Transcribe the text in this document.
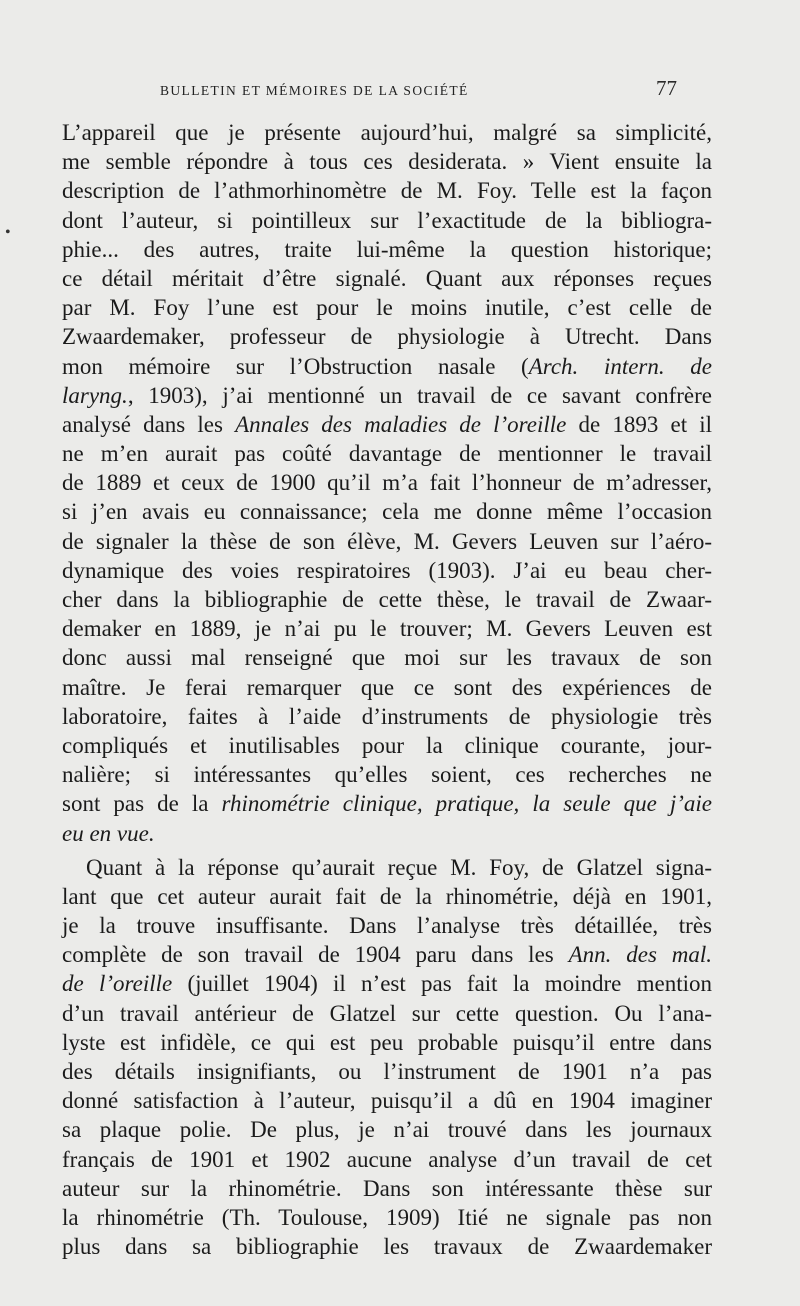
BULLETIN ET MÉMOIRES DE LA SOCIÉTÉ	77
•
L’appareil que je présente aujourd’hui, malgré sa simplicité,
me semble répondre à tous ces desiderata. » Vient ensuite la
description de l’athmorhinomètre de M. Foy. Telle est la façon
dont l’auteur, si pointilleux sur l’exactitude de la bibliogra-
phie... des autres, traite lui-même la question historique;
ce détail méritait d’être signalé. Quant aux réponses reçues
par M. Foy l’une est pour le moins inutile, c’est celle de
Zwaardemaker, professeur de physiologie à Utrecht. Dans
mon mémoire sur l’Obstruction nasale (Arch. intern. de
laryng., 1903), j’ai mentionné un travail de ce savant confrère
analysé dans les Annales des maladies de l’oreille de 1893 et il
ne m’en aurait pas coûté davantage de mentionner le travail
de 1889 et ceux de 1900 qu’il m’a fait l’honneur de m’adresser,
si j’en avais eu connaissance; cela me donne même l’occasion
de signaler la thèse de son élève, M. Gevers Leuven sur l’aéro-
dynamique des voies respiratoires (1903). J’ai eu beau cher-
cher dans la bibliographie de cette thèse, le travail de Zwaar-
demaker en 1889, je n’ai pu le trouver; M. Gevers Leuven est
donc aussi mal renseigné que moi sur les travaux de son
maître. Je ferai remarquer que ce sont des expériences de
laboratoire, faites à l’aide d’instruments de physiologie très
compliqués et inutilisables pour la clinique courante, jour-
nalière; si intéressantes qu’elles soient, ces recherches ne
sont pas de la rhinométrie clinique, pratique, la seule que j’aie
eu en vue.
Quant à la réponse qu’aurait reçue M. Foy, de Glatzel signa-
lant que cet auteur aurait fait de la rhinométrie, déjà en 1901,
je la trouve insuffisante. Dans l’analyse très détaillée, très
complète de son travail de 1904 paru dans les Ann. des mal.
de l’oreille (juillet 1904) il n’est pas fait la moindre mention
d’un travail antérieur de Glatzel sur cette question. Ou l’ana-
lyste est infidèle, ce qui est peu probable puisqu’il entre dans
des détails insignifiants, ou l’instrument de 1901 n’a pas
donné satisfaction à l’auteur, puisqu’il a dû en 1904 imaginer
sa plaque polie. De plus, je n’ai trouvé dans les journaux
français de 1901 et 1902 aucune analyse d’un travail de cet
auteur sur la rhinométrie. Dans son intéressante thèse sur
la rhinométrie (Th. Toulouse, 1909) Itié ne signale pas non
plus dans sa bibliographie les travaux de Zwaardemaker
